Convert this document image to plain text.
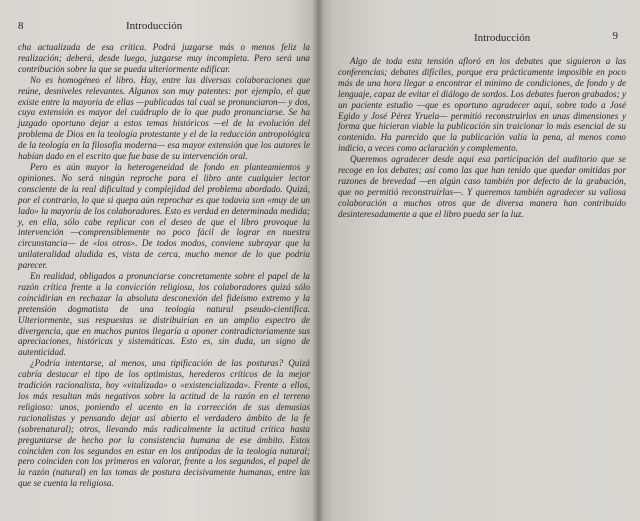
8	Introducción

cha actualizada de esa crítica. Podrá juzgarse más o menos feliz la realización; deberá, desde luego, juzgarse muy incompleta. Pero será una contribución sobre la que se pueda ulteriormente edificar.

No es homogéneo el libro. Hay, entre las diversas colaboraciones que reúne, desniveles relevantes. Algunos son muy patentes: por ejemplo, el que existe entre la mayoría de ellas —publicadas tal cual se pronunciaron— y dos, cuya extensión es mayor del cuádruplo de lo que pudo pronunciarse. Se ha juzgado oportuno dejar a estos temas históricos —el de la evolución del problema de Dios en la teología protestante y el de la reducción antropológica de la teología en la filosofía moderna— esa mayor extensión que los autores le habían dado en el escrito que fue base de su intervención oral.

Pero es aún mayor la heterogeneidad de fondo en planteamientos y opiniones. No será ningún reproche para el libro ante cualquier lector consciente de la real dificultad y complejidad del problema abordado. Quizá, por el contrario, lo que si quepa aún reprochar es que todavía son «muy de un lado» la mayoría de los colaboradores. Esto es verdad en determinada medida; y, en ella, sólo cabe replicar con el deseo de que el libro provoque la intervención —comprensiblemente no poco fácil de lograr en nuestra circunstancia— de «los otros». De todos modos, conviene subrayar que la unilateralidad aludida es, vista de cerca, mucho menor de lo que podría parecer.

En realidad, obligados a pronunciarse concretamente sobre el papel de la razón crítica frente a la convicción religiosa, los colaboradores quizá sólo coincidirían en rechazar la absoluta desconexión del fideísmo extremo y la pretensión dogmatista de una teología natural pseudo-científica. Ulteriormente, sus respuestas se distribuirían en un amplio espectro de divergencia, que en muchos puntos llegaría a oponer contradictoriamente sus apreciaciones, históricas y sistemáticas. Esto es, sin duda, un signo de autenticidad.

¿Podría intentarse, al menos, una tipificación de las posturas? Quizá cabría destacar el tipo de los optimistas, herederos críticos de la mejor tradición racionalista, hoy «vitalizada» o «existencializada». Frente a ellos, los más resultan más negativos sobre la actitud de la razón en el terreno religioso: unos, poniendo el acento en la corrección de sus demasías racionalistas y pensando dejar así abierto el verdadero ámbito de la fe (sobrenatural); otros, llevando más radicalmente la actitud crítica hasta preguntarse de hecho por la consistencia humana de ese ámbito. Estos coinciden con los segundos en estar en los antípodas de la teología natural; pero coinciden con los primeros en valorar, frente a los segundos, el papel de la razón (natural) en las tomas de postura decisivamente humanas, entre las que se cuenta la religiosa.

Introducción	9

Algo de toda esta tensión afloró en los debates que siguieron a las conferencias; debates difíciles, porque era prácticamente imposible en poco más de una hora llegar a encontrar el mínimo de condiciones, de fondo y de lenguaje, capaz de evitar el diálogo de sordos. Los debates fueron grabados; y un paciente estudio —que es oportuno agradecer aquí, sobre todo a José Egido y José Pérez Yruela— permitió reconstruirlos en unas dimensiones y forma que hicieran viable la publicación sin traicionar lo más esencial de su contenido. Ha parecido que la publicación valía la pena, al menos como indicio, a veces como aclaración y complemento.

Queremos agradecer desde aquí esa participación del auditorio que se recoge en los debates; así como las que han tenido que quedar omitidas por razones de brevedad —en algún caso también por defecto de la grabación, que no permitió reconstruirlas—. Y queremos también agradecer su valiosa colaboración a muchos otros que de diversa manera han contribuido desinteresadamente a que el libro pueda ser la luz.
